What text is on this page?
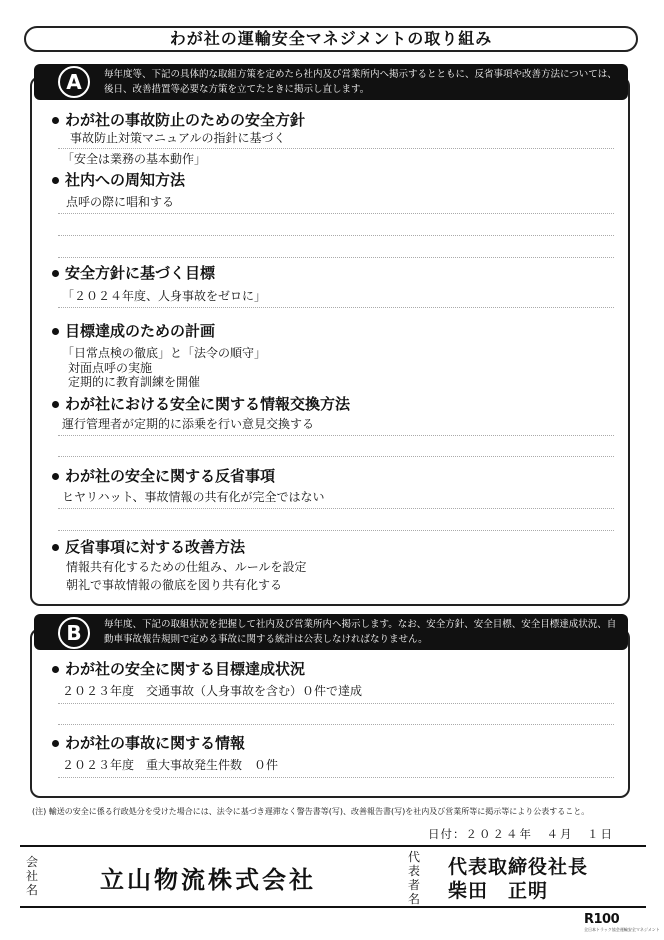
わが社の運輸安全マネジメントの取り組み
毎年度等、下記の具体的な取組方策を定めたら社内及び営業所内へ掲示するとともに、反省事項や改善方法については、後日、改善措置等必要な方策を立てたときに掲示し直します。
A
わが社の事故防止のための安全方針
事故防止対策マニュアルの指針に基づく
「安全は業務の基本動作」
社内への周知方法
点呼の際に唱和する
安全方針に基づく目標
「２０２４年度、人身事故をゼロに」
目標達成のための計画
「日常点検の徹底」と「法令の順守」
対面点呼の実施
定期的に教育訓練を開催
わが社における安全に関する情報交換方法
運行管理者が定期的に添乗を行い意見交換する
わが社の安全に関する反省事項
ヒヤリハット、事故情報の共有化が完全ではない
反省事項に対する改善方法
情報共有化するための仕組み、ルールを設定
朝礼で事故情報の徹底を図り共有化する
毎年度、下記の取組状況を把握して社内及び営業所内へ掲示します。なお、安全方針、安全目標、安全目標達成状況、自動車事故報告規則で定める事故に関する統計は公表しなければなりません。
B
わが社の安全に関する目標達成状況
２０２３年度　交通事故（人身事故を含む）０件で達成
わが社の事故に関する情報
２０２３年度　重大事故発生件数　０件
(注) 輸送の安全に係る行政処分を受けた場合には、法令に基づき遅滞なく警告書等(写)、改善報告書(写)を社内及び営業所等に掲示等により公表すること。
日付：２０２４年　４月　１日
会社名	立山物流株式会社
代表者名
代表取締役社長
柴田　正明
R100
全日本トラック協会運輸安全マネジメント
